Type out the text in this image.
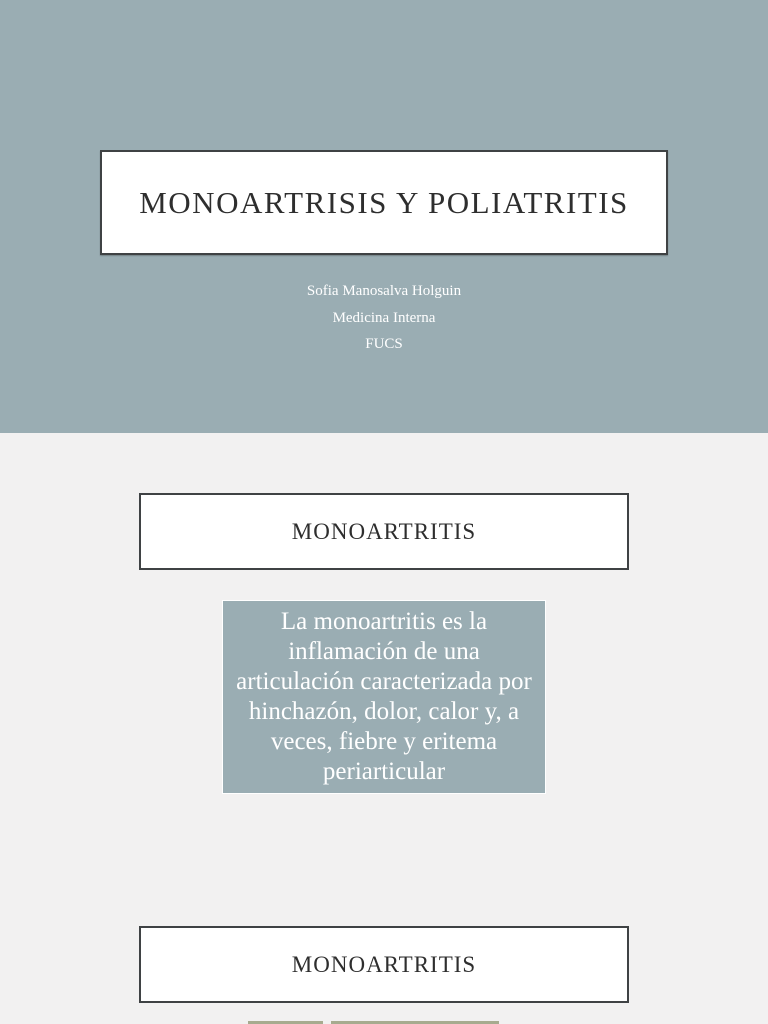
MONOARTRISIS Y POLIATRITIS
Sofia Manosalva Holguin
Medicina Interna
FUCS
MONOARTRITIS
La monoartritis es la inflamación de una articulación caracterizada por hinchazón, dolor, calor y, a veces, fiebre y eritema periarticular
MONOARTRITIS
